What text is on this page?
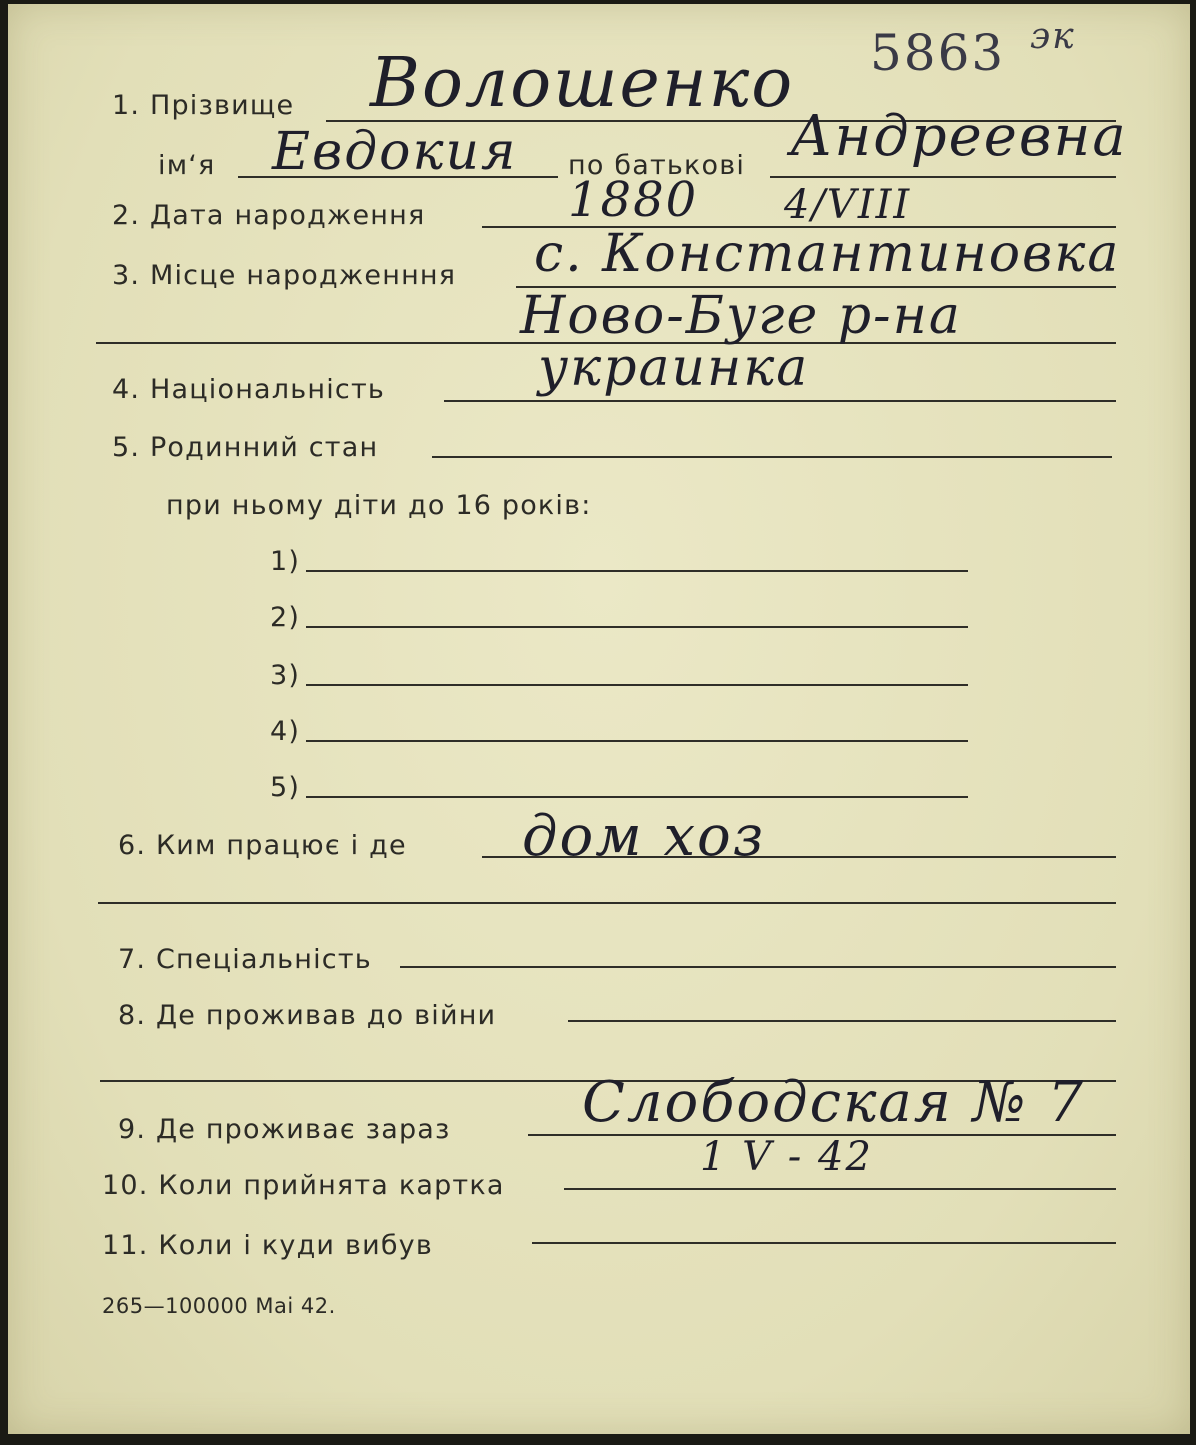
5863 эк
1. Прізвище Волошенко
ім‘я Евдокия по батькові Андреевна
2. Дата народження	1880 4/VIII
3. Місце народженння с. Константиновка
Ново-Буге р-на
4. Національність	украинка
5. Родинний стан
при ньому діти до 16 років:
1)
2)
3)
4)
5)
6. Ким працює і де дом хоз
7. Спеціальність
8. Де проживав до війни
9. Де проживає зараз Слободская № 7
10. Коли прийнята картка
1 V - 42
11. Коли і куди вибув
265—100000 Mai 42.
